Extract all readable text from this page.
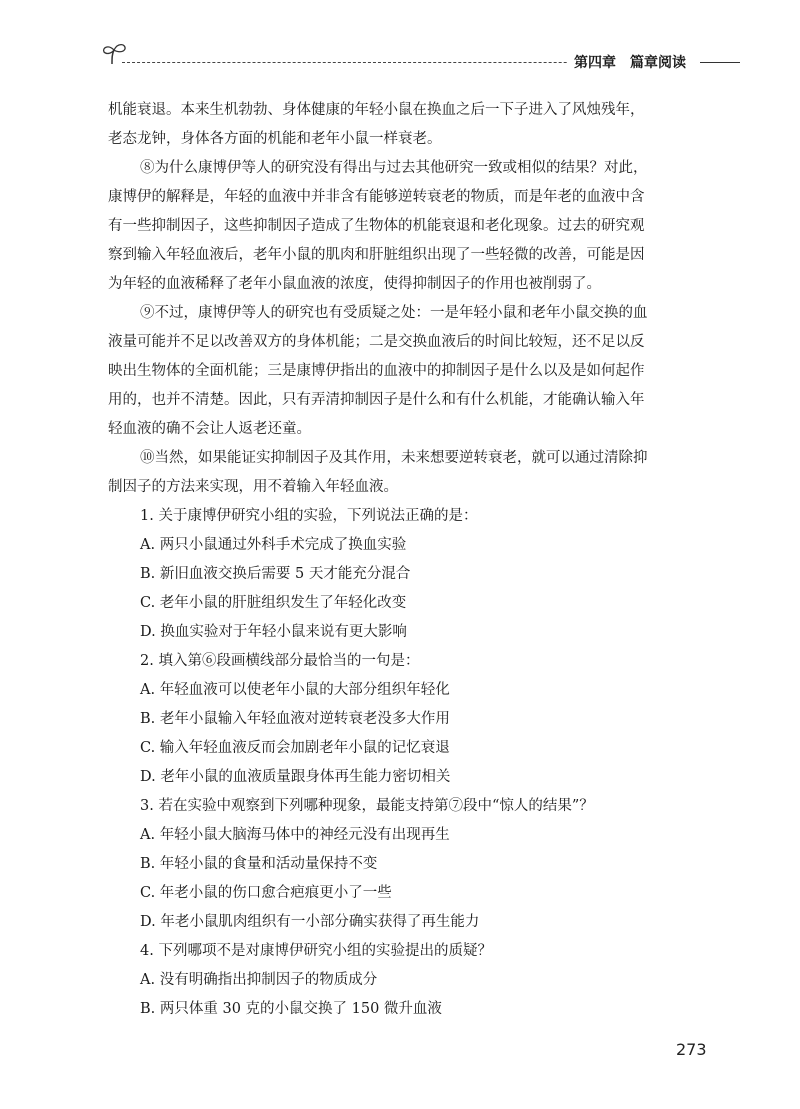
第四章　篇章阅读
机能衰退。本来生机勃勃、身体健康的年轻小鼠在换血之后一下子进入了风烛残年，
老态龙钟，身体各方面的机能和老年小鼠一样衰老。
⑧为什么康博伊等人的研究没有得出与过去其他研究一致或相似的结果？对此，
康博伊的解释是，年轻的血液中并非含有能够逆转衰老的物质，而是年老的血液中含
有一些抑制因子，这些抑制因子造成了生物体的机能衰退和老化现象。过去的研究观
察到输入年轻血液后，老年小鼠的肌肉和肝脏组织出现了一些轻微的改善，可能是因
为年轻的血液稀释了老年小鼠血液的浓度，使得抑制因子的作用也被削弱了。
⑨不过，康博伊等人的研究也有受质疑之处：一是年轻小鼠和老年小鼠交换的血
液量可能并不足以改善双方的身体机能；二是交换血液后的时间比较短，还不足以反
映出生物体的全面机能；三是康博伊指出的血液中的抑制因子是什么以及是如何起作
用的，也并不清楚。因此，只有弄清抑制因子是什么和有什么机能，才能确认输入年
轻血液的确不会让人返老还童。
⑩当然，如果能证实抑制因子及其作用，未来想要逆转衰老，就可以通过清除抑
制因子的方法来实现，用不着输入年轻血液。
1. 关于康博伊研究小组的实验，下列说法正确的是：
A. 两只小鼠通过外科手术完成了换血实验
B. 新旧血液交换后需要 5 天才能充分混合
C. 老年小鼠的肝脏组织发生了年轻化改变
D. 换血实验对于年轻小鼠来说有更大影响
2. 填入第⑥段画横线部分最恰当的一句是：
A. 年轻血液可以使老年小鼠的大部分组织年轻化
B. 老年小鼠输入年轻血液对逆转衰老没多大作用
C. 输入年轻血液反而会加剧老年小鼠的记忆衰退
D. 老年小鼠的血液质量跟身体再生能力密切相关
3. 若在实验中观察到下列哪种现象，最能支持第⑦段中“惊人的结果”？
A. 年轻小鼠大脑海马体中的神经元没有出现再生
B. 年轻小鼠的食量和活动量保持不变
C. 年老小鼠的伤口愈合疤痕更小了一些
D. 年老小鼠肌肉组织有一小部分确实获得了再生能力
4. 下列哪项不是对康博伊研究小组的实验提出的质疑？
A. 没有明确指出抑制因子的物质成分
B. 两只体重 30 克的小鼠交换了 150 微升血液
273
